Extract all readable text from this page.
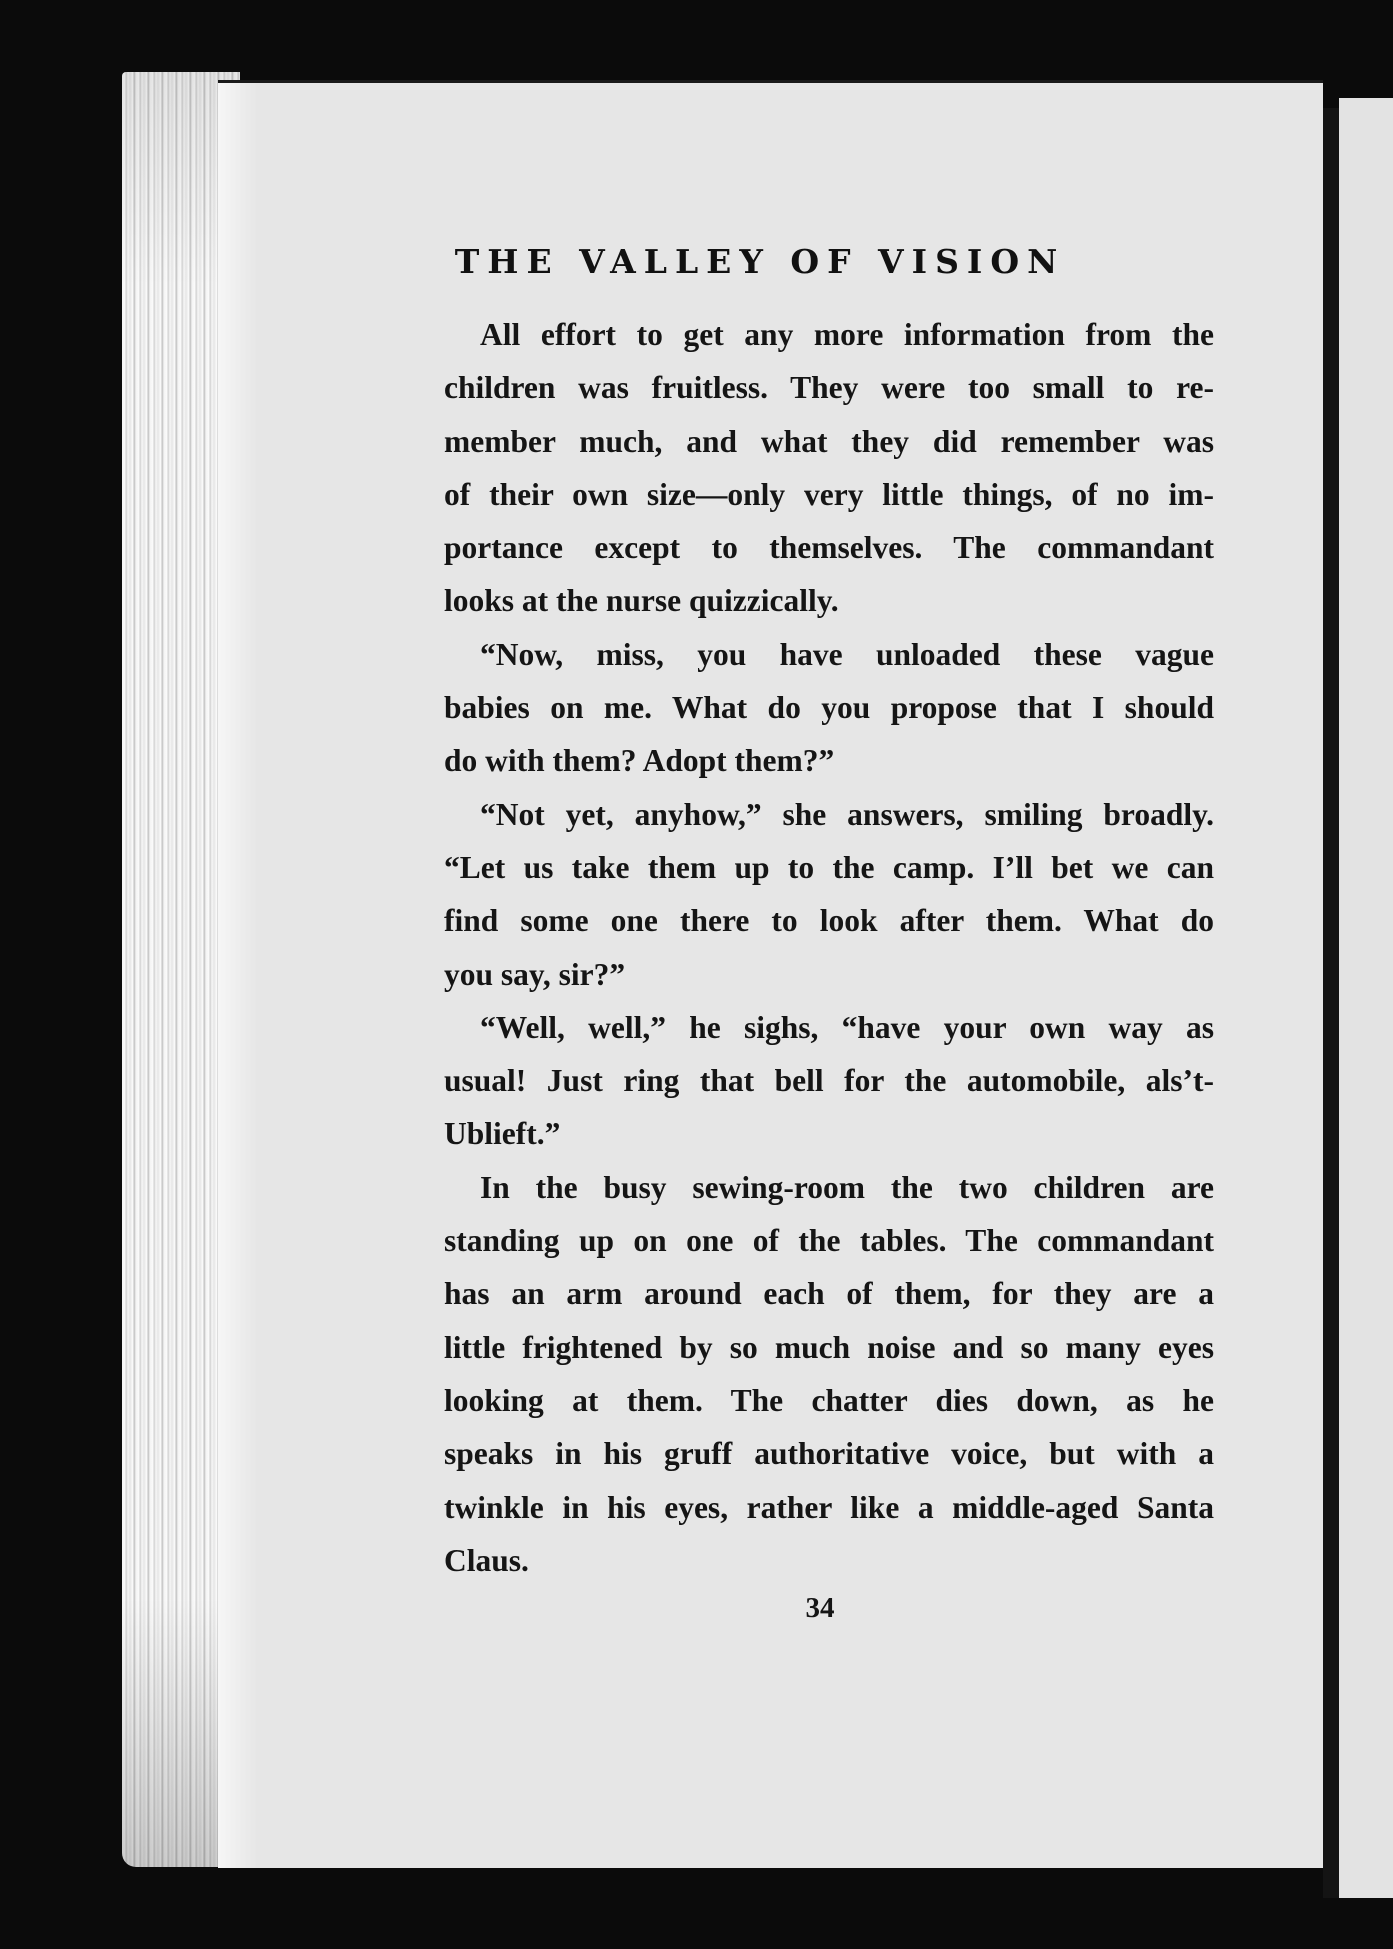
THE VALLEY OF VISION
All effort to get any more information from the
children was fruitless. They were too small to re-
member much, and what they did remember was
of their own size—only very little things, of no im-
portance except to themselves. The commandant
looks at the nurse quizzically.
“Now, miss, you have unloaded these vague
babies on me. What do you propose that I should
do with them? Adopt them?”
“Not yet, anyhow,” she answers, smiling broadly.
“Let us take them up to the camp. I’ll bet we can
find some one there to look after them. What do
you say, sir?”
“Well, well,” he sighs, “have your own way as
usual! Just ring that bell for the automobile, als’t-
Ublieft.”
In the busy sewing-room the two children are
standing up on one of the tables. The commandant
has an arm around each of them, for they are a
little frightened by so much noise and so many eyes
looking at them. The chatter dies down, as he
speaks in his gruff authoritative voice, but with a
twinkle in his eyes, rather like a middle-aged Santa
Claus.

34
